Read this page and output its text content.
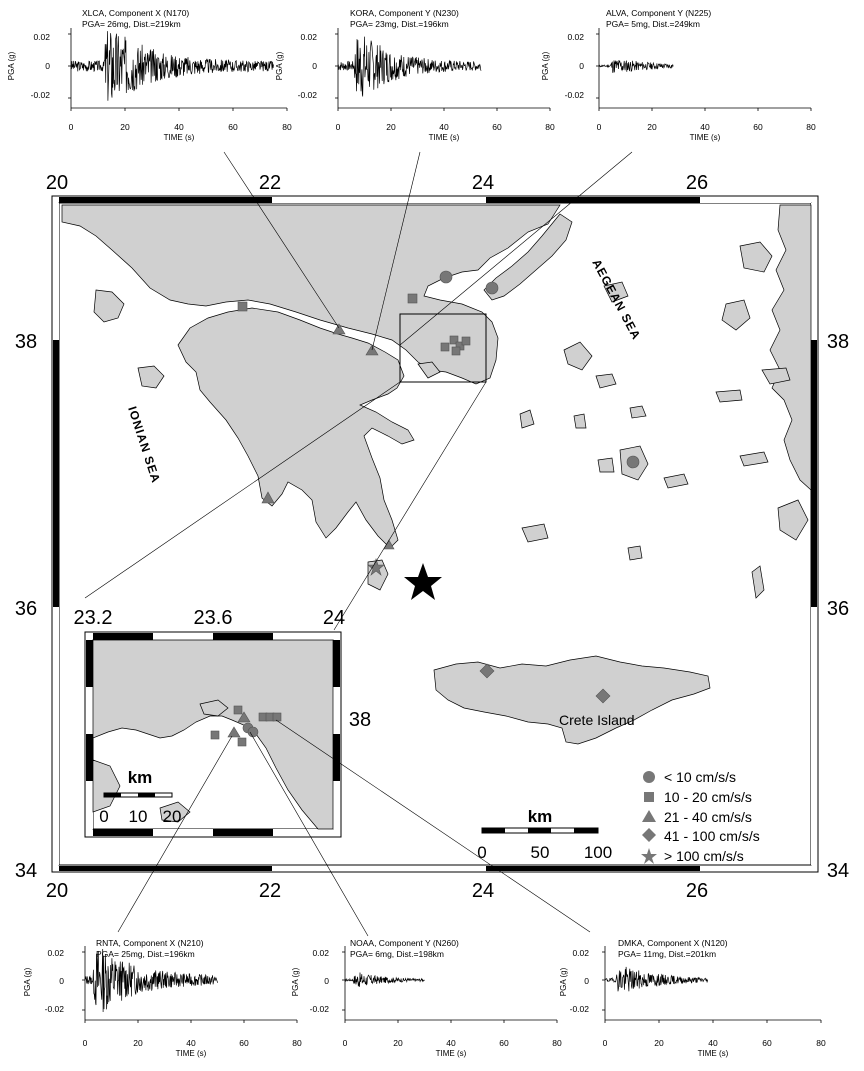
20	22	24	26
20	22	24	26
38
36
34
38
36
34
AEGEAN SEA
IONIAN SEA
Crete Island
< 10 cm/s/s
10 - 20 cm/s/s
21 - 40 cm/s/s
41 - 100 cm/s/s
> 100 cm/s/s
km
0	50 100
23.2	23.6	24
38
km
0 10 20
XLCA, Component X (N170)
PGA= 26mg, Dist.=219km
0.02
0
-0.02
0	20	40	60	80
TIME (s)
PGA (g)
KORA, Component Y (N230)
PGA= 23mg, Dist.=196km
0.02
0
-0.02
0	20	40	60	80
TIME (s)
PGA (g)
ALVA, Component Y (N225)
PGA= 5mg, Dist.=249km
0.02
0
-0.02
0	20	40	60	80
TIME (s)
PGA (g)
RNTA, Component X (N210)
PGA= 25mg, Dist.=196km
0.02
0
-0.02
0	20	40	60	80
TIME (s)
PGA (g)
NOAA, Component Y (N260)
PGA= 6mg, Dist.=198km
0.02
0
-0.02
0	20	40	60	80
TIME (s)
PGA (g)
DMKA, Component X (N120)
PGA= 11mg, Dist.=201km
0.02
0
-0.02
0	20	40	60	80
TIME (s)
PGA (g)
